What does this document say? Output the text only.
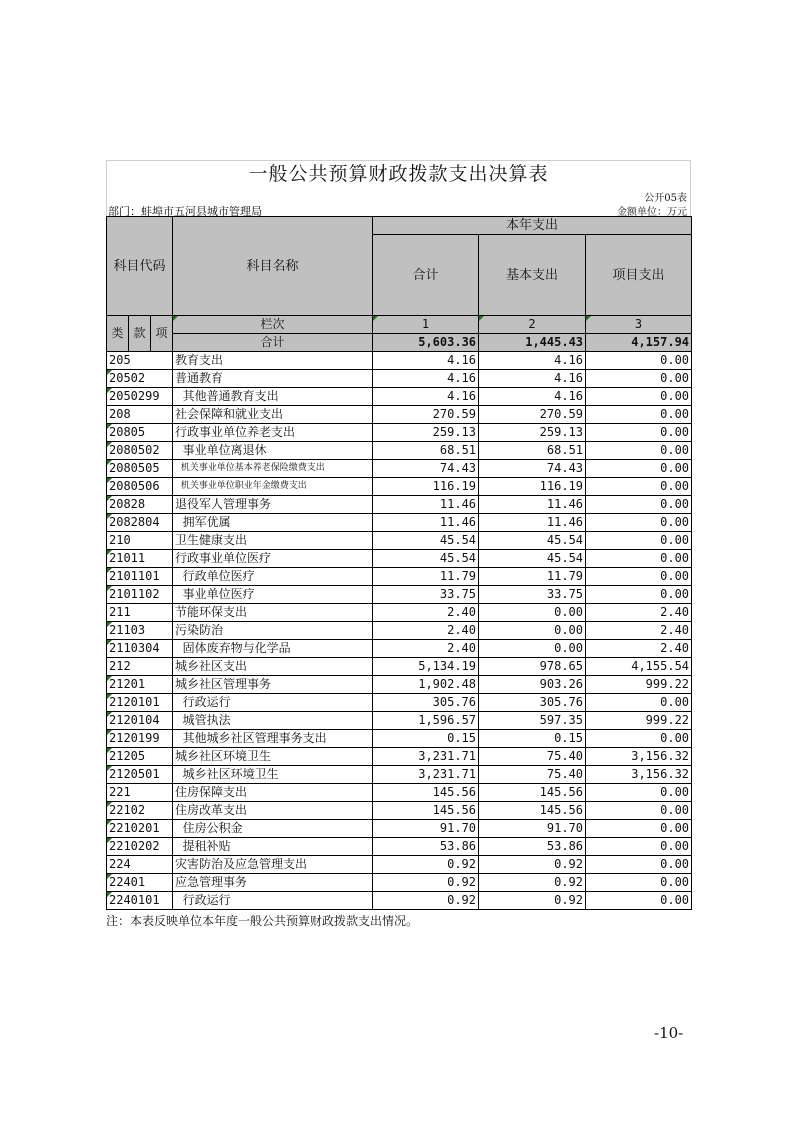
一般公共预算财政拨款支出决算表
公开05表
部门：蚌埠市五河县城市管理局	金额单位：万元
科目代码			科目名称	本年支出		
				合计	基本支出	项目支出
类	款	项	栏次	1	2	3
			合计	5,603.36	1,445.43	4,157.94
205			教育支出	4.16	4.16	0.00
20502			普通教育	4.16	4.16	0.00
2050299			其他普通教育支出	4.16	4.16	0.00
208			社会保障和就业支出	270.59	270.59	0.00
20805			行政事业单位养老支出	259.13	259.13	0.00
2080502			事业单位离退休	68.51	68.51	0.00
2080505			机关事业单位基本养老保险缴费支出	74.43	74.43	0.00
2080506			机关事业单位职业年金缴费支出	116.19	116.19	0.00
20828			退役军人管理事务	11.46	11.46	0.00
2082804			拥军优属	11.46	11.46	0.00
210			卫生健康支出	45.54	45.54	0.00
21011			行政事业单位医疗	45.54	45.54	0.00
2101101			行政单位医疗	11.79	11.79	0.00
2101102			事业单位医疗	33.75	33.75	0.00
211			节能环保支出	2.40	0.00	2.40
21103			污染防治	2.40	0.00	2.40
2110304			固体废弃物与化学品	2.40	0.00	2.40
212			城乡社区支出	5,134.19	978.65	4,155.54
21201			城乡社区管理事务	1,902.48	903.26	999.22
2120101			行政运行	305.76	305.76	0.00
2120104			城管执法	1,596.57	597.35	999.22
2120199			其他城乡社区管理事务支出	0.15	0.15	0.00
21205			城乡社区环境卫生	3,231.71	75.40	3,156.32
2120501			城乡社区环境卫生	3,231.71	75.40	3,156.32
221			住房保障支出	145.56	145.56	0.00
22102			住房改革支出	145.56	145.56	0.00
2210201			住房公积金	91.70	91.70	0.00
2210202			提租补贴	53.86	53.86	0.00
224			灾害防治及应急管理支出	0.92	0.92	0.00
22401			应急管理事务	0.92	0.92	0.00
2240101			行政运行	0.92	0.92	0.00
注：本表反映单位本年度一般公共预算财政拨款支出情况。
-10-
